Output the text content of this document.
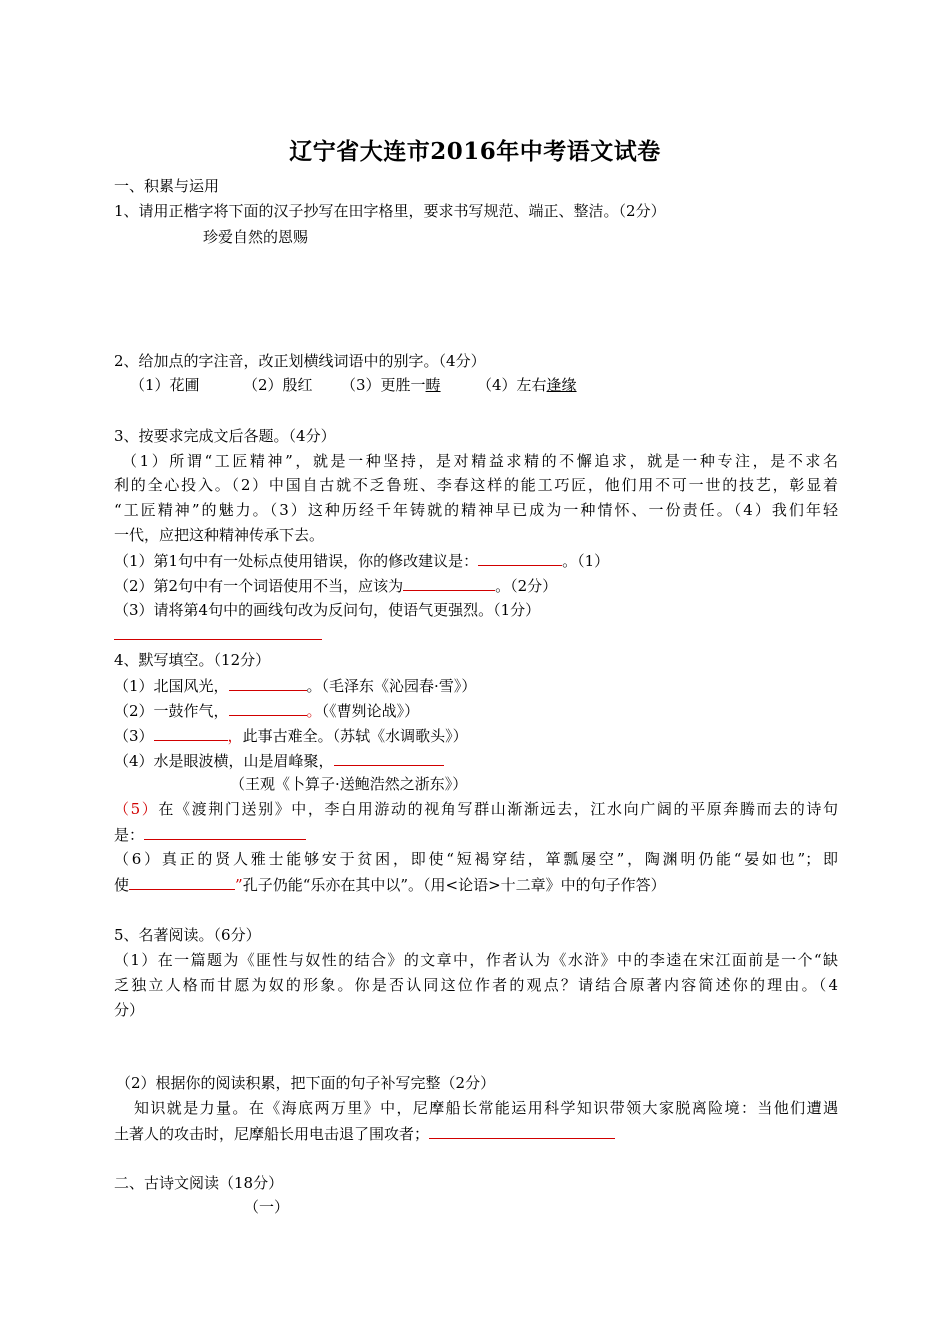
辽宁省大连市2016年中考语文试卷
一、积累与运用
1、请用正楷字将下面的汉子抄写在田字格里，要求书写规范、端正、整洁。（2分）
珍爱自然的恩赐
2、给加点的字注音，改正划横线词语中的别字。（4分）
（1）花圃	（2）殷红	（3）更胜一畴	（4）左右逢缘
3、按要求完成文后各题。（4分）
（1）所谓“工匠精神”，就是一种坚持，是对精益求精的不懈追求，就是一种专注，是不求名
利的全心投入。（2）中国自古就不乏鲁班、李春这样的能工巧匠，他们用不可一世的技艺，彰显着
“工匠精神”的魅力。（3）这种历经千年铸就的精神早已成为一种情怀、一份责任。（4）我们年轻
一代，应把这种精神传承下去。
（1）第1句中有一处标点使用错误，你的修改建议是：	。（1）
（2）第2句中有一个词语使用不当，应该为	。（2分）
（3）请将第4句中的画线句改为反问句，使语气更强烈。（1分）
4、默写填空。（12分）
（1）北国风光，	。（毛泽东《沁园春·雪》）
（2）一鼓作气，	。（《曹刿论战》）
（3）	，此事古难全。（苏轼《水调歌头》）
（4）水是眼波横，山是眉峰聚，
（王观《卜算子·送鲍浩然之浙东》）
（5）在《渡荆门送别》中，李白用游动的视角写群山渐渐远去，江水向广阔的平原奔腾而去的诗句
是：
（6）真正的贤人雅士能够安于贫困，即使“短褐穿结，箪瓢屡空”，陶渊明仍能“晏如也”；即
使	”孔子仍能“乐亦在其中以”。（用<论语>十二章》中的句子作答）
5、名著阅读。（6分）
（1）在一篇题为《匪性与奴性的结合》的文章中，作者认为《水浒》中的李逵在宋江面前是一个“缺
乏独立人格而甘愿为奴的形象。你是否认同这位作者的观点？请结合原著内容简述你的理由。（4
分）
（2）根据你的阅读积累，把下面的句子补写完整（2分）
知识就是力量。在《海底两万里》中，尼摩船长常能运用科学知识带领大家脱离险境：当他们遭遇
土著人的攻击时，尼摩船长用电击退了围攻者；
二、古诗文阅读（18分）
（一）
